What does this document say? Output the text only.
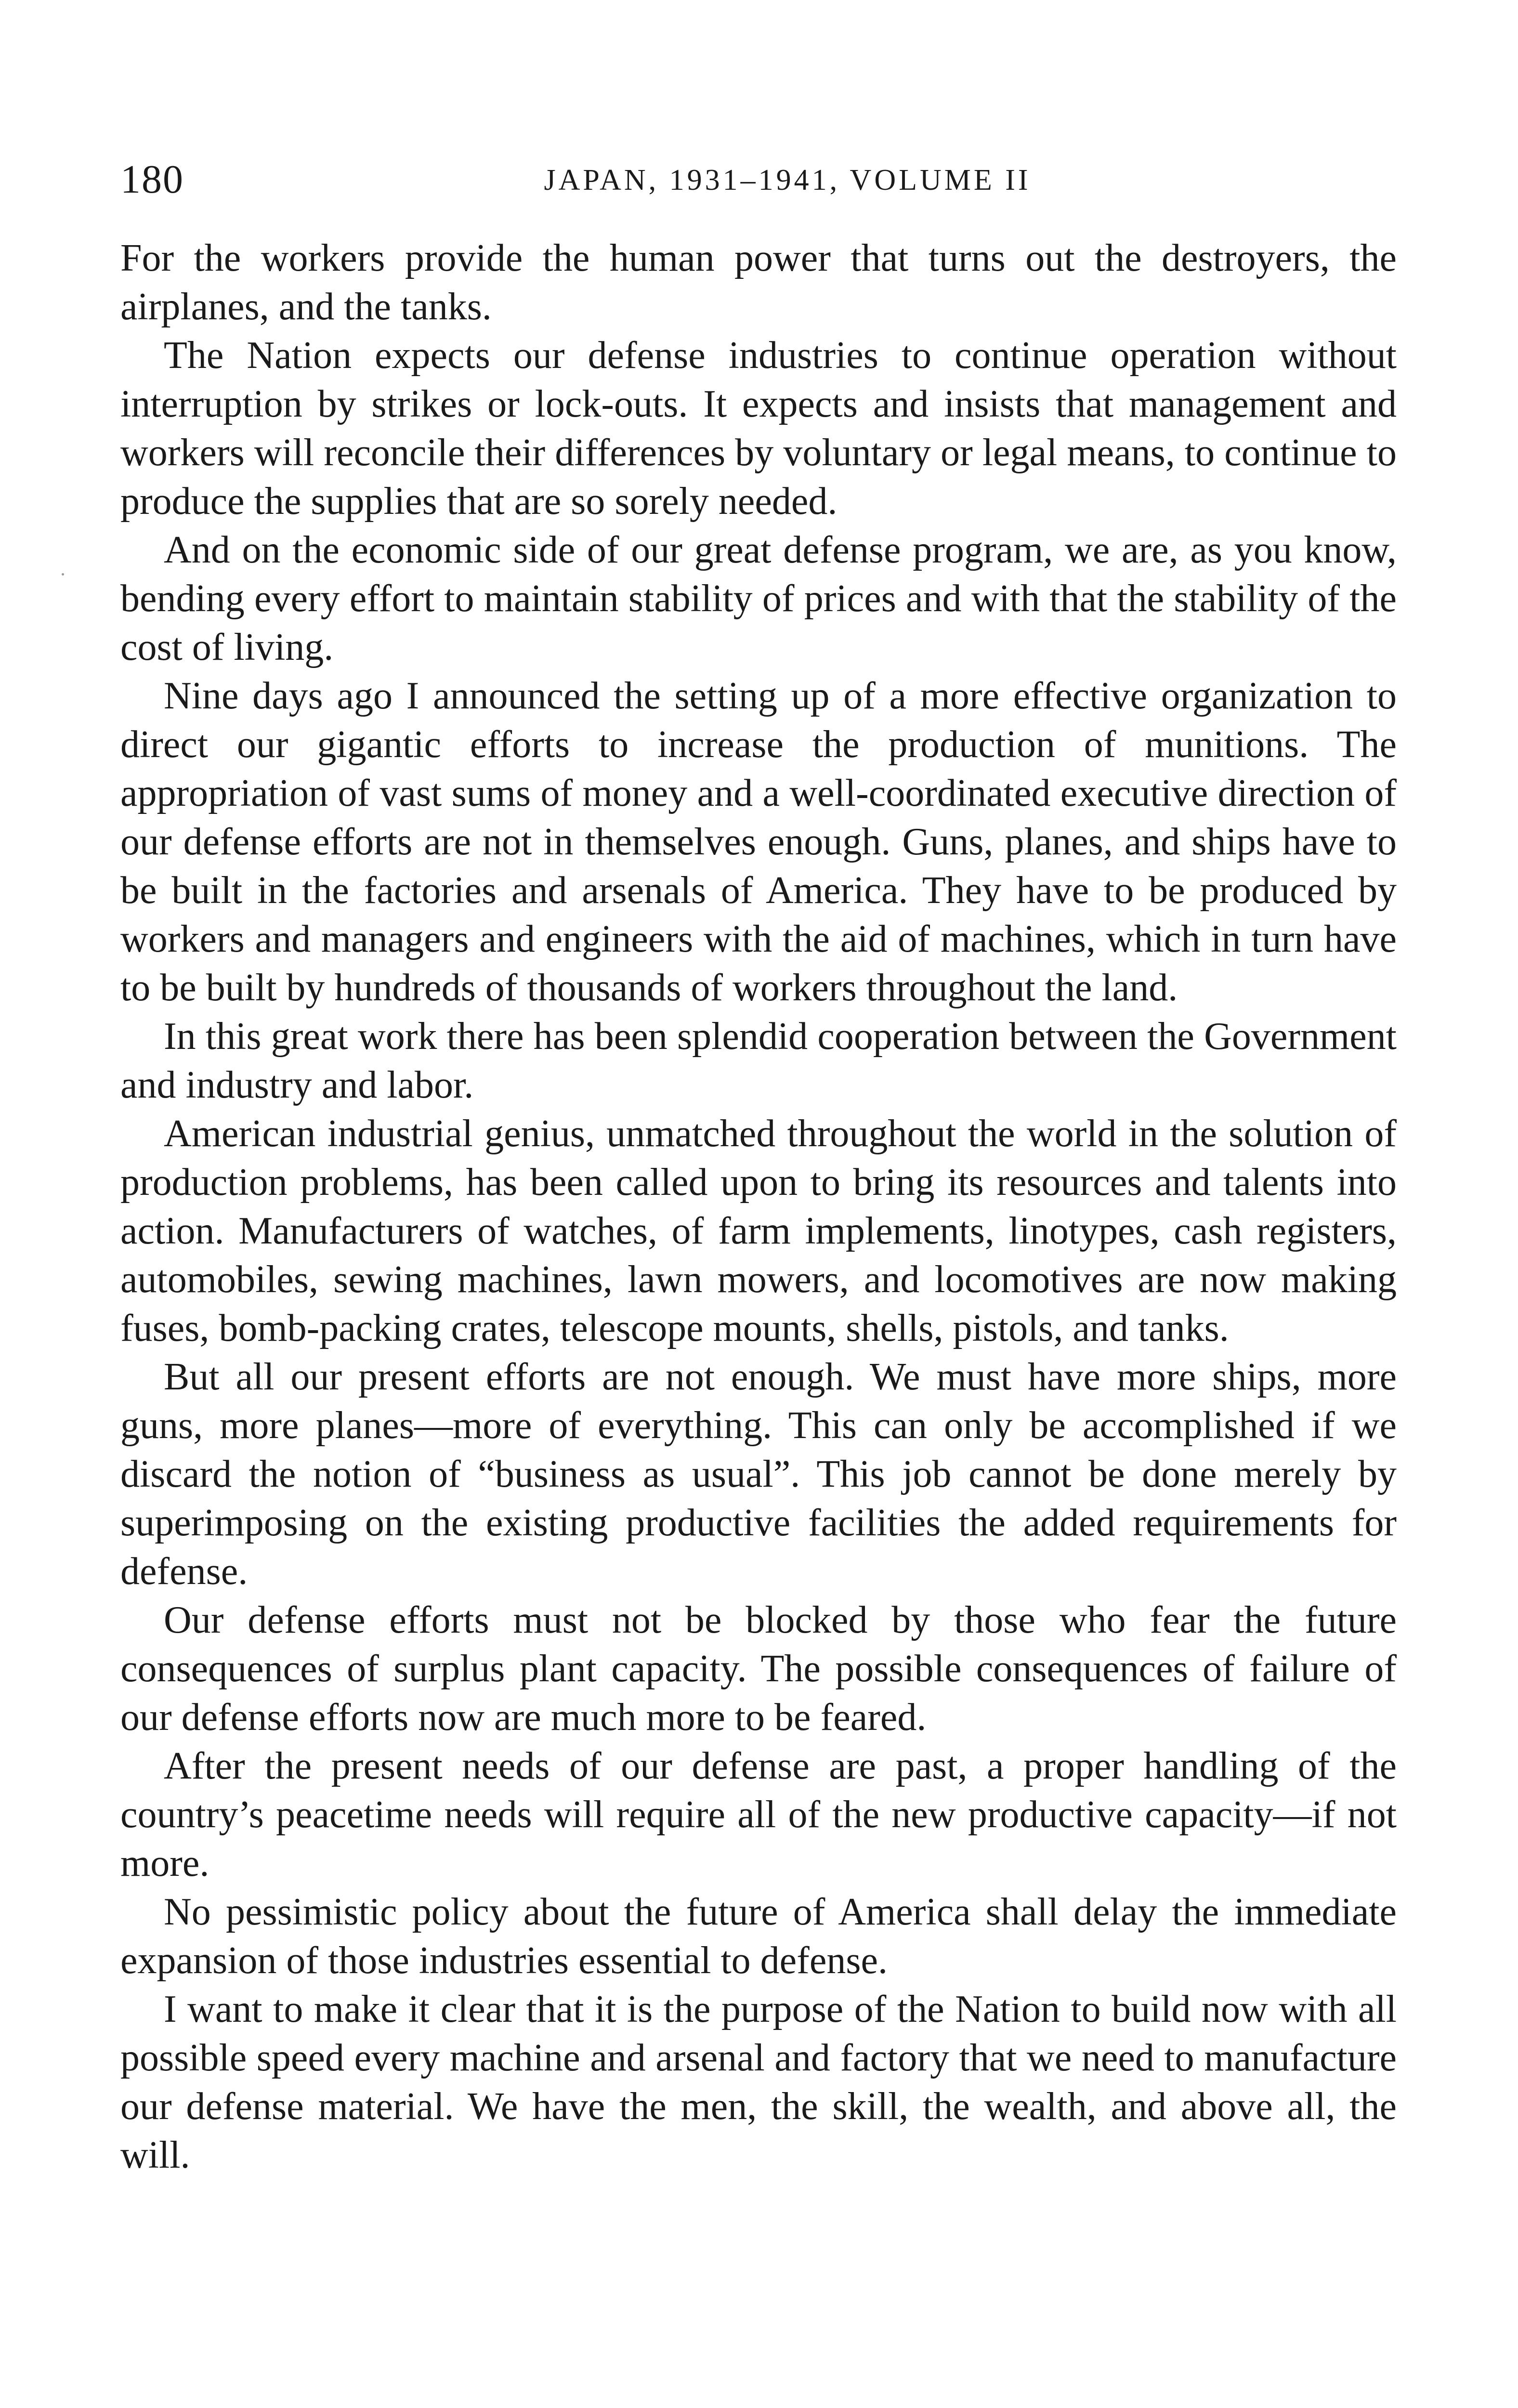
180	JAPAN, 1931–1941, VOLUME II

For the workers provide the human power that turns out the destroyers, the airplanes, and the tanks.

The Nation expects our defense industries to continue operation without interruption by strikes or lock-outs. It expects and insists that management and workers will reconcile their differences by voluntary or legal means, to continue to produce the supplies that are so sorely needed.

And on the economic side of our great defense program, we are, as you know, bending every effort to maintain stability of prices and with that the stability of the cost of living.

Nine days ago I announced the setting up of a more effective organization to direct our gigantic efforts to increase the production of munitions. The appropriation of vast sums of money and a well-coordinated executive direction of our defense efforts are not in themselves enough. Guns, planes, and ships have to be built in the factories and arsenals of America. They have to be produced by workers and managers and engineers with the aid of machines, which in turn have to be built by hundreds of thousands of workers throughout the land.

In this great work there has been splendid cooperation between the Government and industry and labor.

American industrial genius, unmatched throughout the world in the solution of production problems, has been called upon to bring its resources and talents into action. Manufacturers of watches, of farm implements, linotypes, cash registers, automobiles, sewing machines, lawn mowers, and locomotives are now making fuses, bomb-packing crates, telescope mounts, shells, pistols, and tanks.

But all our present efforts are not enough. We must have more ships, more guns, more planes—more of everything. This can only be accomplished if we discard the notion of “business as usual”. This job cannot be done merely by superimposing on the existing productive facilities the added requirements for defense.

Our defense efforts must not be blocked by those who fear the future consequences of surplus plant capacity. The possible consequences of failure of our defense efforts now are much more to be feared.

After the present needs of our defense are past, a proper handling of the country’s peacetime needs will require all of the new productive capacity—if not more.

No pessimistic policy about the future of America shall delay the immediate expansion of those industries essential to defense.

I want to make it clear that it is the purpose of the Nation to build now with all possible speed every machine and arsenal and factory that we need to manufacture our defense material. We have the men, the skill, the wealth, and above all, the will.
